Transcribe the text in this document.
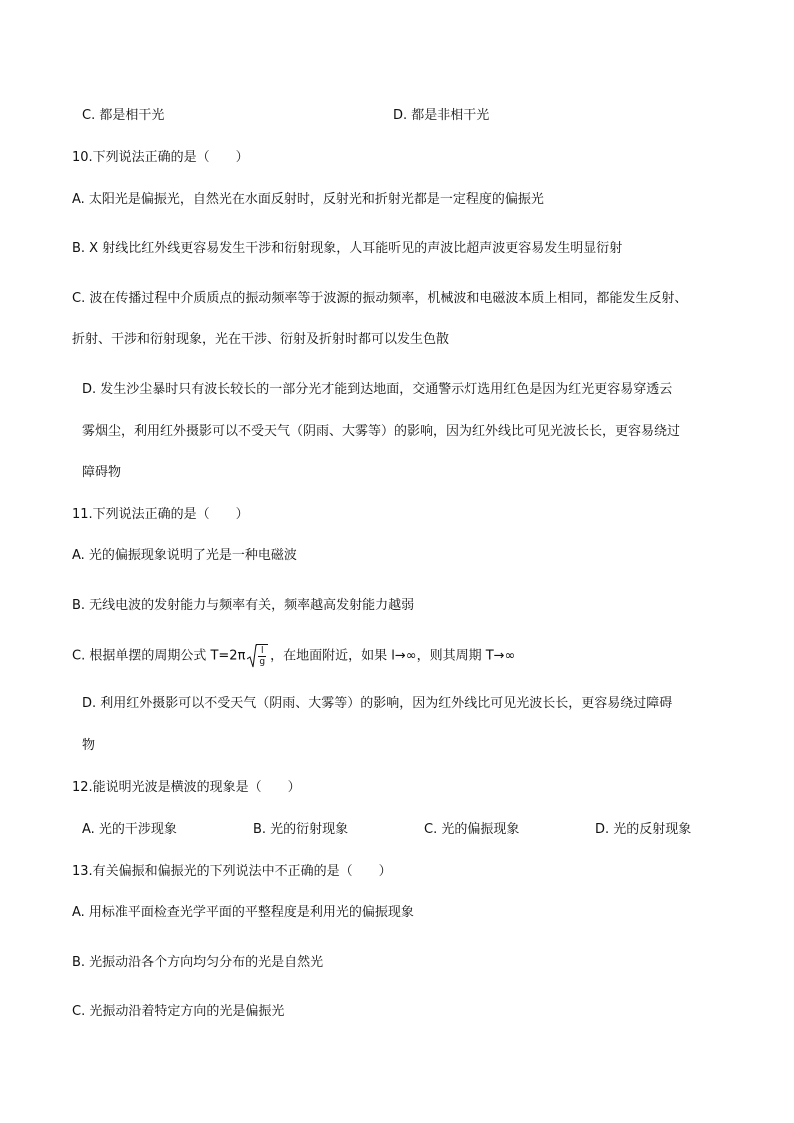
C. 都是相干光	D. 都是非相干光
10.下列说法正确的是（　　）
A. 太阳光是偏振光，自然光在水面反射时，反射光和折射光都是一定程度的偏振光
B. X 射线比红外线更容易发生干涉和衍射现象，人耳能听见的声波比超声波更容易发生明显衍射
C. 波在传播过程中介质质点的振动频率等于波源的振动频率，机械波和电磁波本质上相同，都能发生反射、
折射、干涉和衍射现象，光在干涉、衍射及折射时都可以发生色散
D. 发生沙尘暴时只有波长较长的一部分光才能到达地面，交通警示灯选用红色是因为红光更容易穿透云
雾烟尘，利用红外摄影可以不受天气（阴雨、大雾等）的影响，因为红外线比可见光波长长，更容易绕过
障碍物
11.下列说法正确的是（　　）
A. 光的偏振现象说明了光是一种电磁波
B. 无线电波的发射能力与频率有关，频率越高发射能力越弱
C. 根据单摆的周期公式 $T=2\pi \frac{l}{g}$ ，在地面附近，如果 l→∞，则其周期 T→∞
D. 利用红外摄影可以不受天气（阴雨、大雾等）的影响，因为红外线比可见光波长长，更容易绕过障碍
物
12.能说明光波是横波的现象是（　　）
A. 光的干涉现象	B. 光的衍射现象	C. 光的偏振现象	D. 光的反射现象
13.有关偏振和偏振光的下列说法中不正确的是（　　）
A. 用标准平面检查光学平面的平整程度是利用光的偏振现象
B. 光振动沿各个方向均匀分布的光是自然光
C. 光振动沿着特定方向的光是偏振光
